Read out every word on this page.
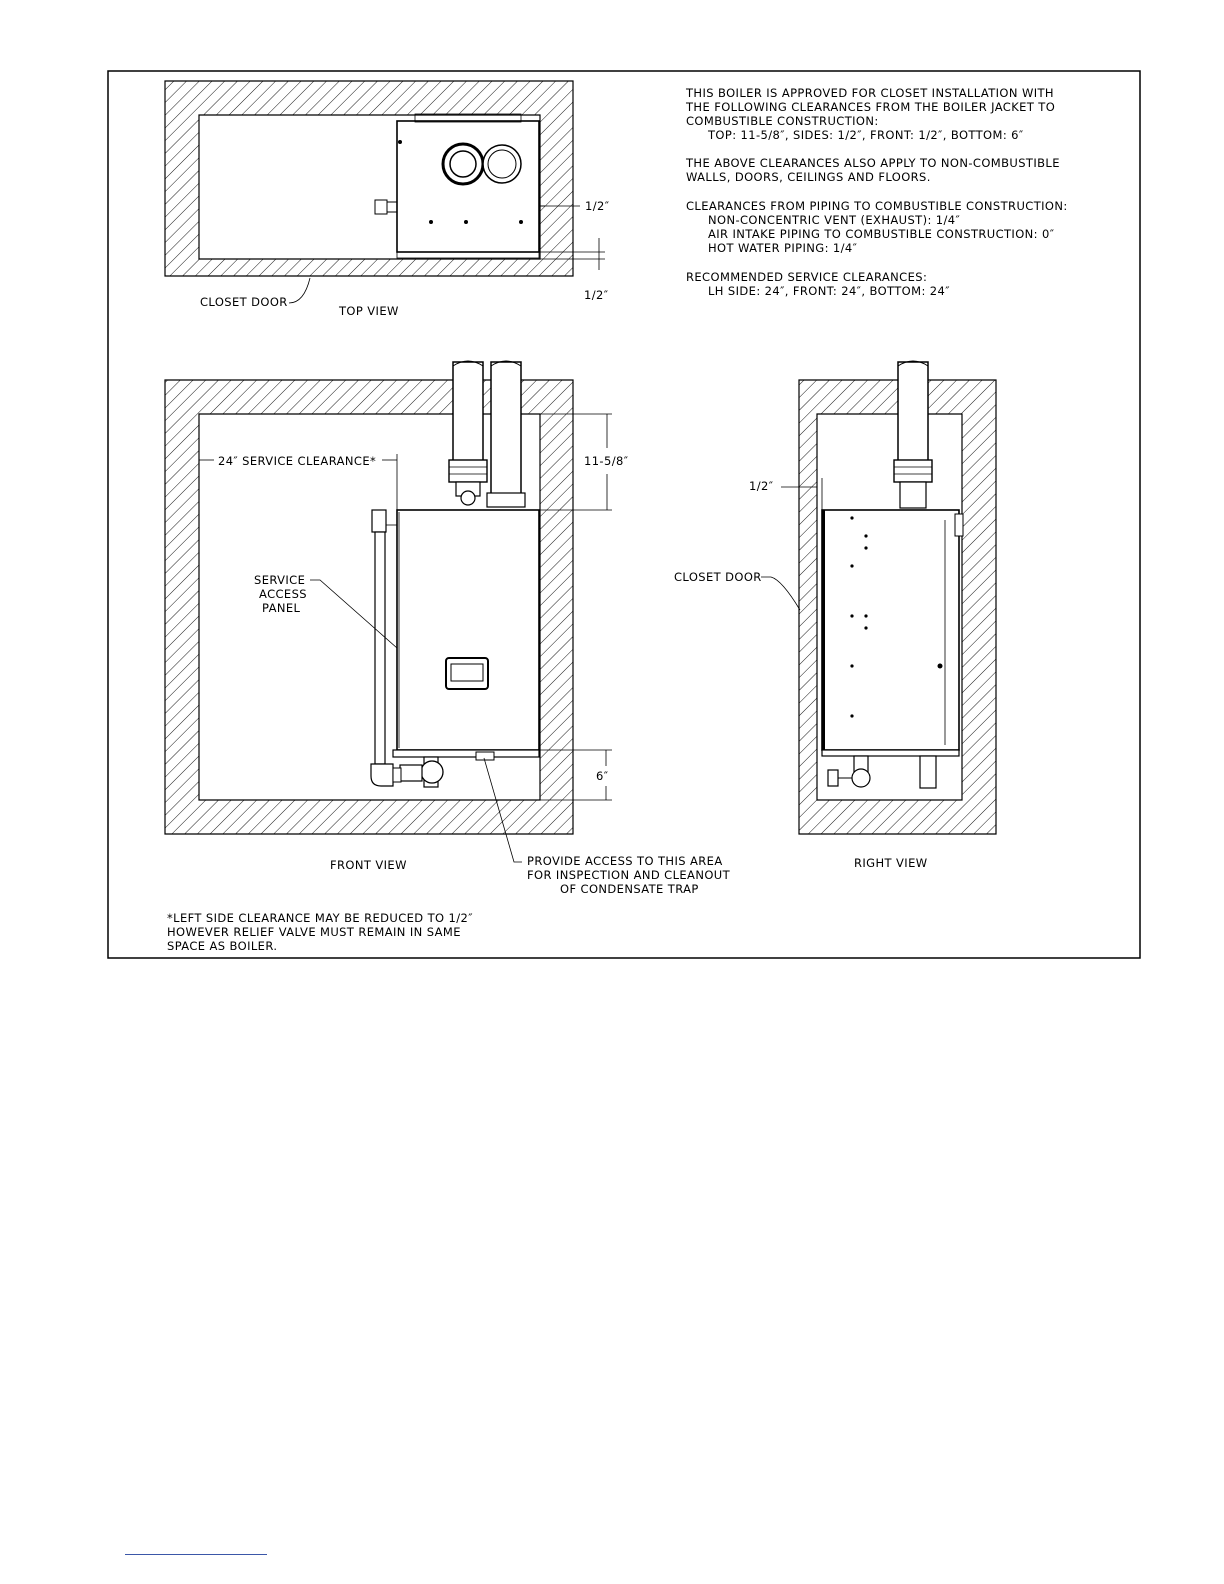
1/2″
1/2″
CLOSET DOOR
TOP VIEW
THIS BOILER IS APPROVED FOR CLOSET INSTALLATION WITH
THE FOLLOWING CLEARANCES FROM THE BOILER JACKET TO
COMBUSTIBLE CONSTRUCTION:
TOP: 11-5/8″, SIDES: 1/2″, FRONT: 1/2″, BOTTOM: 6″
THE ABOVE CLEARANCES ALSO APPLY TO NON-COMBUSTIBLE
WALLS, DOORS, CEILINGS AND FLOORS.
CLEARANCES FROM PIPING TO COMBUSTIBLE CONSTRUCTION:
NON-CONCENTRIC VENT (EXHAUST): 1/4″
AIR INTAKE PIPING TO COMBUSTIBLE CONSTRUCTION: 0″
HOT WATER PIPING: 1/4″
RECOMMENDED SERVICE CLEARANCES:
LH SIDE: 24″, FRONT: 24″, BOTTOM: 24″
24″ SERVICE CLEARANCE*	11-5/8″
6″
SERVICE
ACCESS
PANEL
PROVIDE ACCESS TO THIS AREA
FOR INSPECTION AND CLEANOUT
OF CONDENSATE TRAP
FRONT VIEW
1/2″
CLOSET DOOR
RIGHT VIEW
*LEFT SIDE CLEARANCE MAY BE REDUCED TO 1/2″
HOWEVER RELIEF VALVE MUST REMAIN IN SAME
SPACE AS BOILER.
